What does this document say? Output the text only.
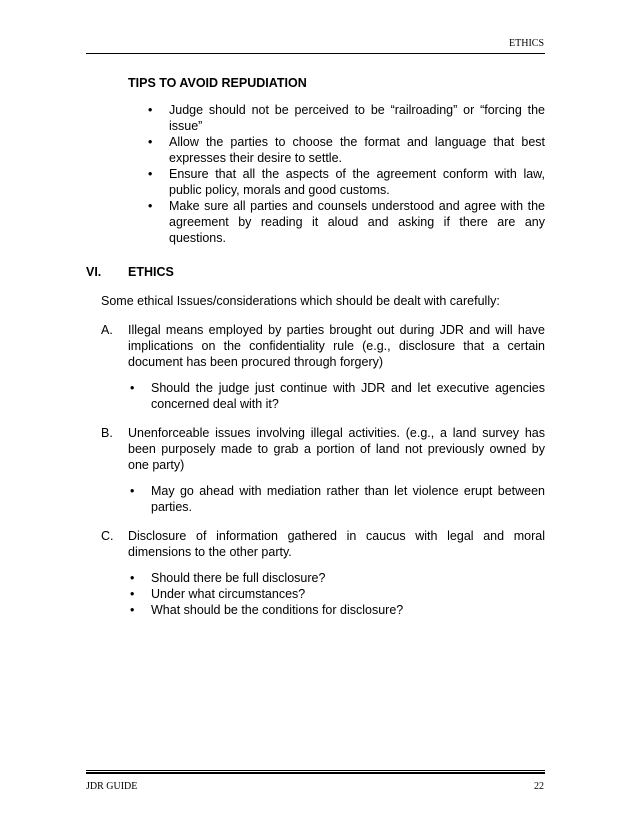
ETHICS
TIPS TO AVOID REPUDIATION
• Judge should not be perceived to be “railroading” or “forcing the issue”
• Allow the parties to choose the format and language that best expresses their desire to settle.
• Ensure that all the aspects of the agreement conform with law, public policy, morals and good customs.
• Make sure all parties and counsels understood and agree with the agreement by reading it aloud and asking if there are any questions.
VI. ETHICS
Some ethical Issues/considerations which should be dealt with carefully:
A. Illegal means employed by parties brought out during JDR and will have implications on the confidentiality rule (e.g., disclosure that a certain document has been procured through forgery)
• Should the judge just continue with JDR and let executive agencies concerned deal with it?
B. Unenforceable issues involving illegal activities. (e.g., a land survey has been purposely made to grab a portion of land not previously owned by one party)
• May go ahead with mediation rather than let violence erupt between parties.
C. Disclosure of information gathered in caucus with legal and moral dimensions to the other party.
• Should there be full disclosure?
• Under what circumstances?
• What should be the conditions for disclosure?
JDR GUIDE	22
